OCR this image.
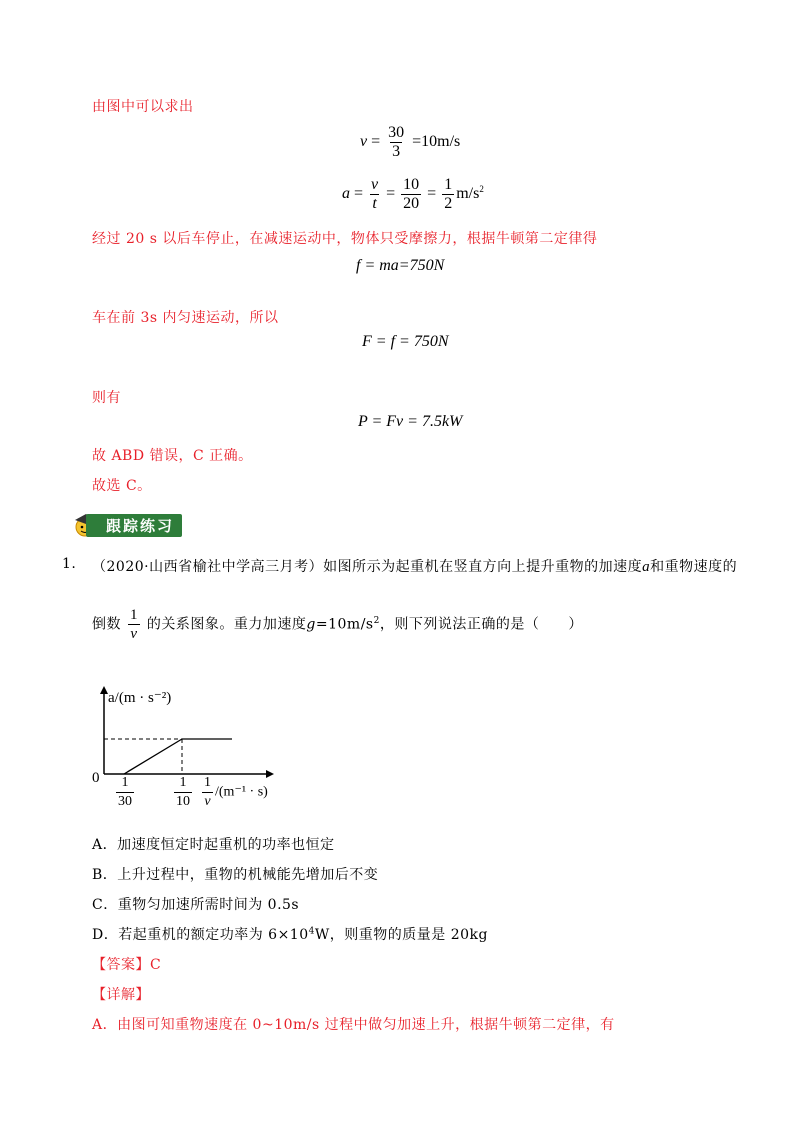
由图中可以求出
$v = \frac{30}{3} =10m/s$
$a = \frac{v}{t} = \frac{10}{20} = \frac{1}{2} m/s^2$
经过 20 s 以后车停止，在减速运动中，物体只受摩擦力，根据牛顿第二定律得
f = ma=750N
车在前 3s 内匀速运动，所以
F = f = 750N
则有
P = Fv = 7.5kW
故 ABD 错误，C 正确。
故选 C。
跟踪练习
1. （2020·山西省榆社中学高三月考）如图所示为起重机在竖直方向上提升重物的加速度a和重物速度的
倒数 $\frac{1}{v}$ 的关系图象。重力加速度$g=10m/s^2$，则下列说法正确的是（　　）
a/(m · s⁻²)
$0 \frac{1}{30}$	$\frac{1}{10} \frac{1}{v} /(m^{-1} \cdot s)$
A．加速度恒定时起重机的功率也恒定
B．上升过程中，重物的机械能先增加后不变
C．重物匀加速所需时间为 0.5s
D．若起重机的额定功率为 $6\times 10^4W$，则重物的质量是 20kg
【答案】C
【详解】
A．由图可知重物速度在 0~10m/s 过程中做匀加速上升，根据牛顿第二定律，有
